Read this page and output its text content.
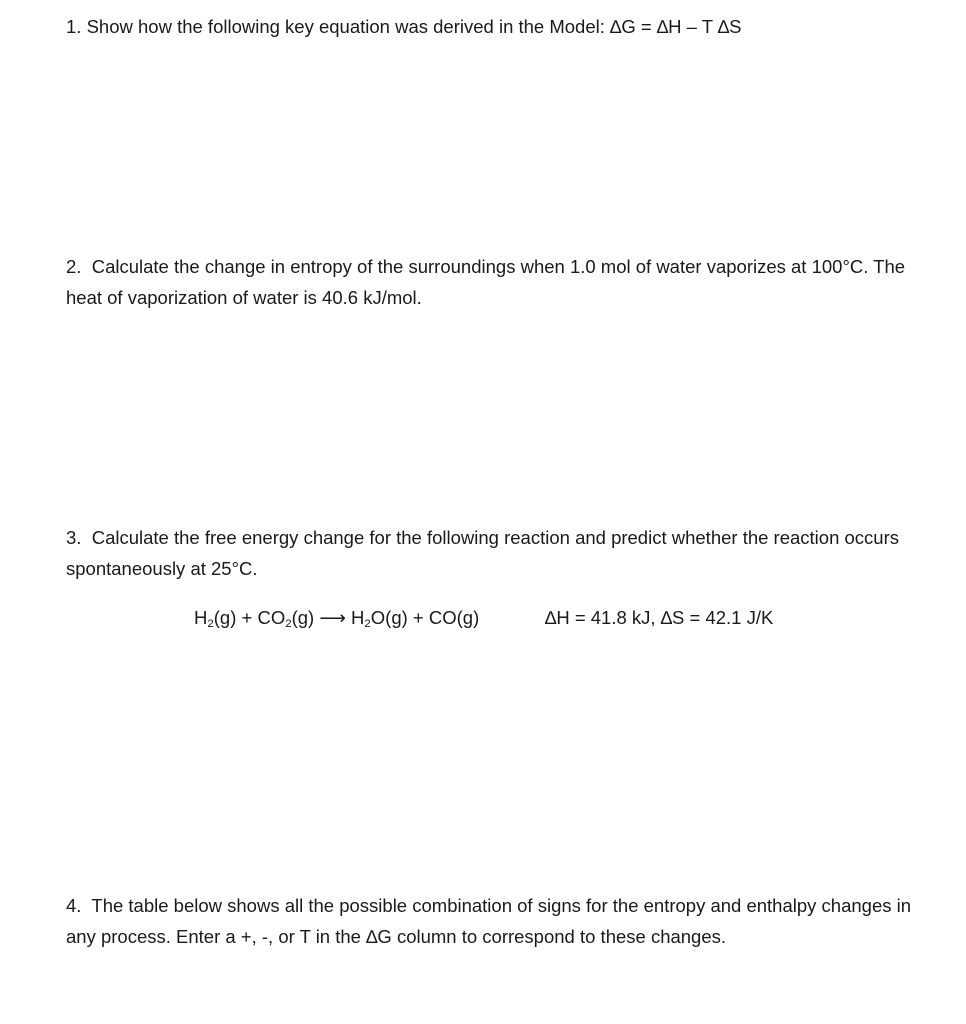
1. Show how the following key equation was derived in the Model: ∆G = ∆H – T ∆S

2. Calculate the change in entropy of the surroundings when 1.0 mol of water vaporizes at 100°C. The heat of vaporization of water is 40.6 kJ/mol.

3. Calculate the free energy change for the following reaction and predict whether the reaction occurs spontaneously at 25°C.

$H_2(g) + CO_2(g)$ ⟶ $H_2O(g) + CO(g)$	∆H = 41.8 kJ, ∆S = 42.1 J/K

4. The table below shows all the possible combination of signs for the entropy and enthalpy changes in any process. Enter a +, -, or T in the ∆G column to correspond to these changes.
